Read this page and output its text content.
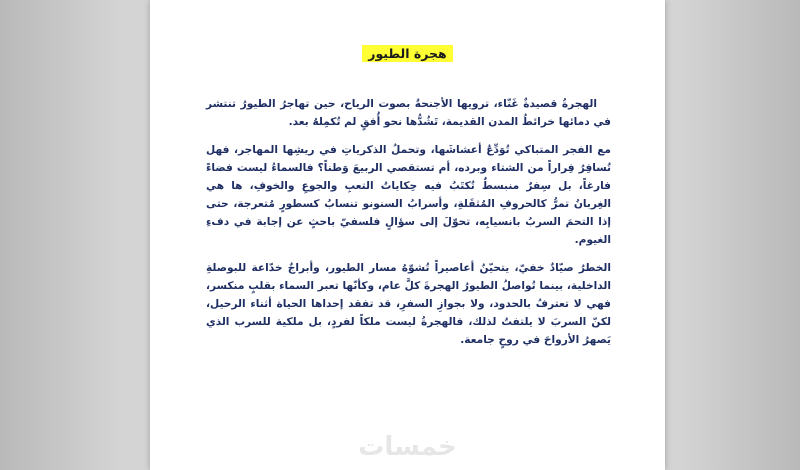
هجرة الطيور

الهجرةُ قصيدةٌ غَنّاء، ترويها الأجنحةُ بصوت الرياح، حين تهاجرُ الطيورُ تنتشر في دمائها خرائطُ المدن القديمة، تَشُدُّها نحو أُفقٍ لم تُكمِلهُ بعد.

مع الفجر المتباكي تُوَدِّعُ أعشاشَها، وتحملُ الذكرياتِ في ريشِها المهاجر، فهل تُسافِرُ فِراراً من الشتاء وبرده، أم تستقصي الربيعَ وَطناً؟ فالسماءُ ليست فضاءً فارغاً، بل سِفرٌ منبسطٌ تُكتَبُ فيه حِكاياتُ التعبِ والجوعِ والخوفِ، ها هي الغِربانُ تمرُّ كالحروفِ المُثقَلةِ، وأسرابُ السنونو تنسابُ كسطورٍ مُتعرجة، حتى إذا التحمَ السربُ بانسيابِه، تحوّلَ إلى سؤالٍ فلسفيّ باحثٍ عن إجابة في دفءِ الغيوم.

الخطرُ صيّادٌ خفيّ، يتحيّنُ أعاصيراً تُشوّهُ مسار الطيور، وأبراجٌ خدّاعة للبوصلةِ الداخلية، بينما تُواصلُ الطيورُ الهجرةَ كلَّ عام، وكأنّها تعبر السماء بقلبٍ منكسر، فهي لا تعترفُ بالحدود، ولا بجوازِ السفرِ، قد تفقد إحداها الحياة أثناء الرحيل، لكنّ السربَ لا يلتفتُ لذلك، فالهجرةُ ليست ملكاً لفردٍ، بل ملكية للسرب الذي يَصهرُ الأرواحَ في روحٍ جامعة.

خمسات
